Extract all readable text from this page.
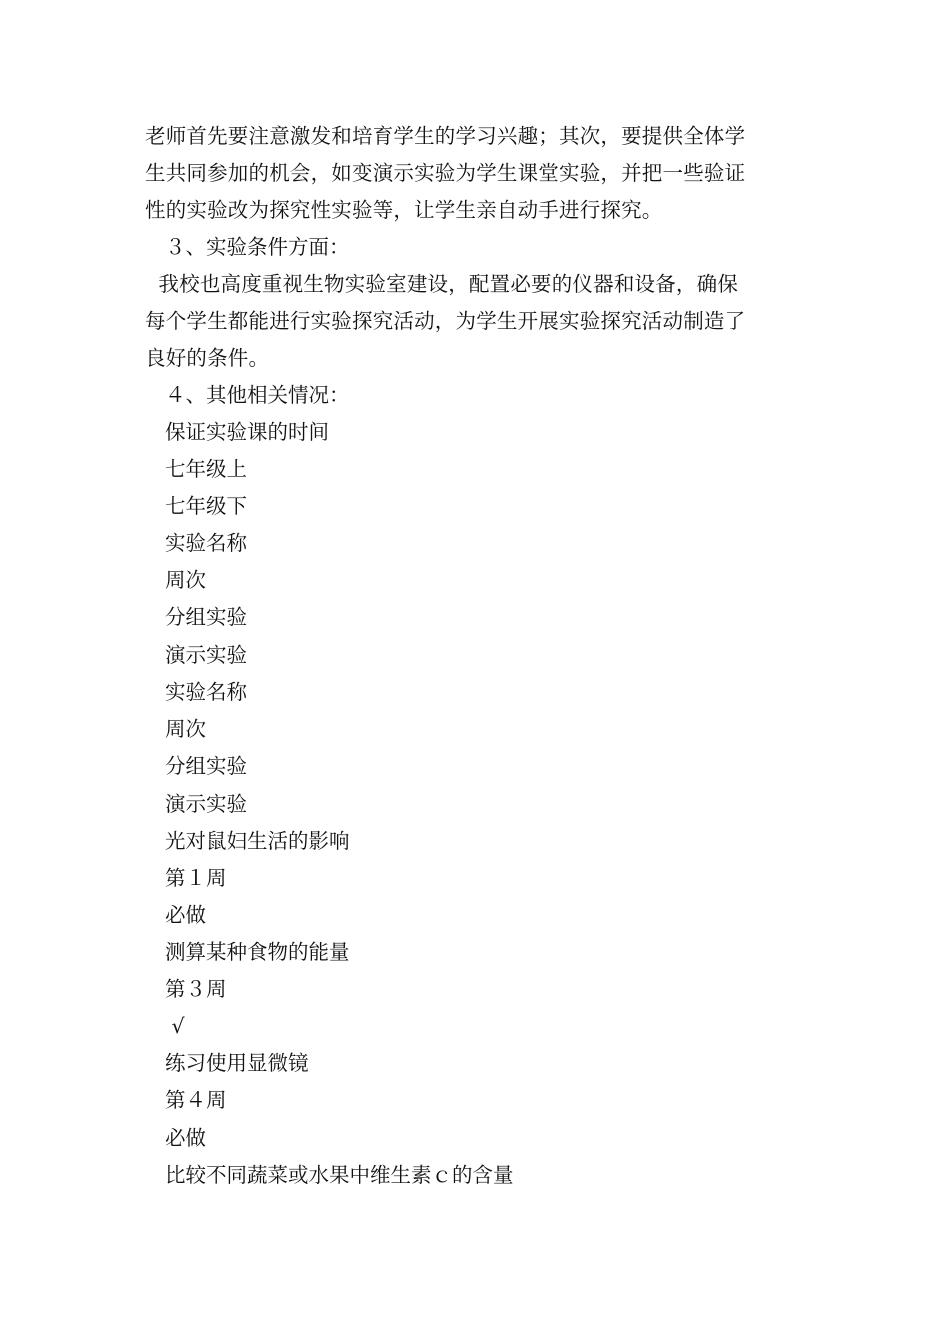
老师首先要注意激发和培育学生的学习兴趣；其次，要提供全体学
生共同参加的机会，如变演示实验为学生课堂实验，并把一些验证
性的实验改为探究性实验等，让学生亲自动手进行探究。
３、实验条件方面：
我校也高度重视生物实验室建设，配置必要的仪器和设备，确保
每个学生都能进行实验探究活动，为学生开展实验探究活动制造了
良好的条件。
４、其他相关情况：
保证实验课的时间
七年级上
七年级下
实验名称
周次
分组实验
演示实验
实验名称
周次
分组实验
演示实验
光对鼠妇生活的影响
第１周
必做
测算某种食物的能量
第３周
√
练习使用显微镜
第４周
必做
比较不同蔬菜或水果中维生素ｃ的含量
